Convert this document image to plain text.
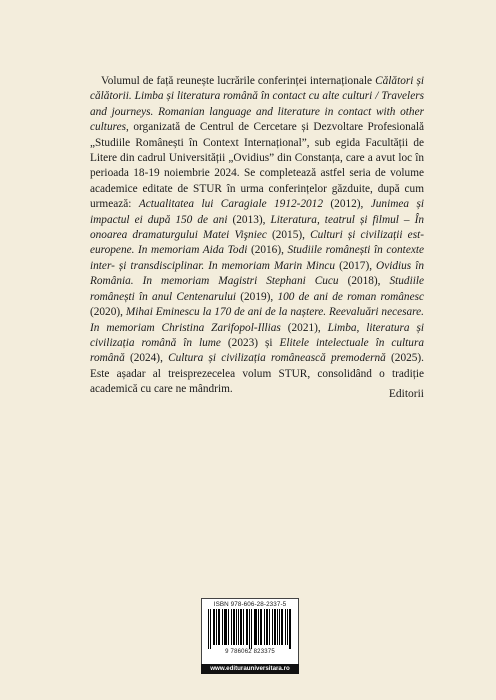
Volumul de față reunește lucrările conferinței internaționale Călători și călătorii. Limba și literatura română în contact cu alte culturi / Travelers and journeys. Romanian language and literature in contact with other cultures, organizată de Centrul de Cercetare și Dezvoltare Profesională „Studiile Românești în Context Internațional”, sub egida Facultății de Litere din cadrul Universității „Ovidius” din Constanța, care a avut loc în perioada 18-19 noiembrie 2024. Se completează astfel seria de volume academice editate de STUR în urma conferințelor găzduite, după cum urmează: Actualitatea lui Caragiale 1912-2012 (2012), Junimea și impactul ei după 150 de ani (2013), Literatura, teatrul și filmul – În onoarea dramaturgului Matei Vişniec (2015), Culturi și civilizații est-europene. In memoriam Aida Todi (2016), Studiile românești în contexte inter- și transdisciplinar. In memoriam Marin Mincu (2017), Ovidius în România. In memoriam Magistri Stephani Cucu (2018), Studiile românești în anul Centenarului (2019), 100 de ani de roman românesc (2020), Mihai Eminescu la 170 de ani de la naștere. Reevaluări necesare. In memoriam Christina Zarifopol-Illias (2021), Limba, literatura și civilizația română în lume (2023) și Elitele intelectuale în cultura română (2024), Cultura și civilizația românească premodernă (2025). Este așadar al treisprezecelea volum STUR, consolidând o tradiție academică cu care ne mândrim.	Editorii
ISBN 978-606-28-2337-5
9 786062 823375
www.editurauniversitara.ro
